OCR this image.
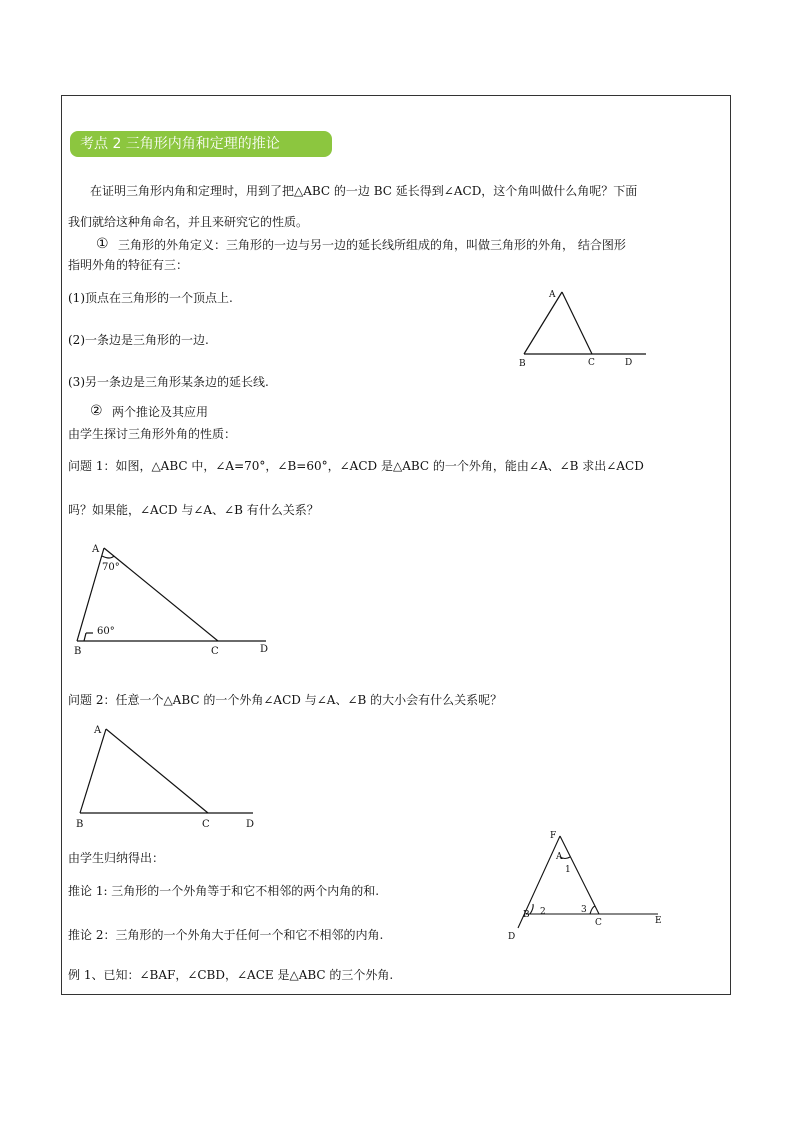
考点 2 三角形内角和定理的推论
在证明三角形内角和定理时，用到了把△ABC 的一边 BC 延长得到∠ACD，这个角叫做什么角呢？下面
我们就给这种角命名，并且来研究它的性质。
① 三角形的外角定义：三角形的一边与另一边的延长线所组成的角，叫做三角形的外角， 结合图形
指明外角的特征有三：
(1)顶点在三角形的一个顶点上.
(2)一条边是三角形的一边.
(3)另一条边是三角形某条边的延长线.
② 两个推论及其应用
由学生探讨三角形外角的性质：
问题 1：如图，△ABC 中，∠A=70°，∠B=60°，∠ACD 是△ABC 的一个外角，能由∠A、∠B 求出∠ACD
吗？如果能，∠ACD 与∠A、∠B 有什么关系？
问题 2：任意一个△ABC 的一个外角∠ACD 与∠A、∠B 的大小会有什么关系呢？
由学生归纳得出：
推论 1: 三角形的一个外角等于和它不相邻的两个内角的和.
推论 2：三角形的一个外角大于任何一个和它不相邻的内角.
例 1、已知：∠BAF，∠CBD，∠ACE 是△ABC 的三个外角.
A
B	C	D
A
70°
60°
B	C	D
A
B	C	D
F
A
1
B 2	3
C	E
D
